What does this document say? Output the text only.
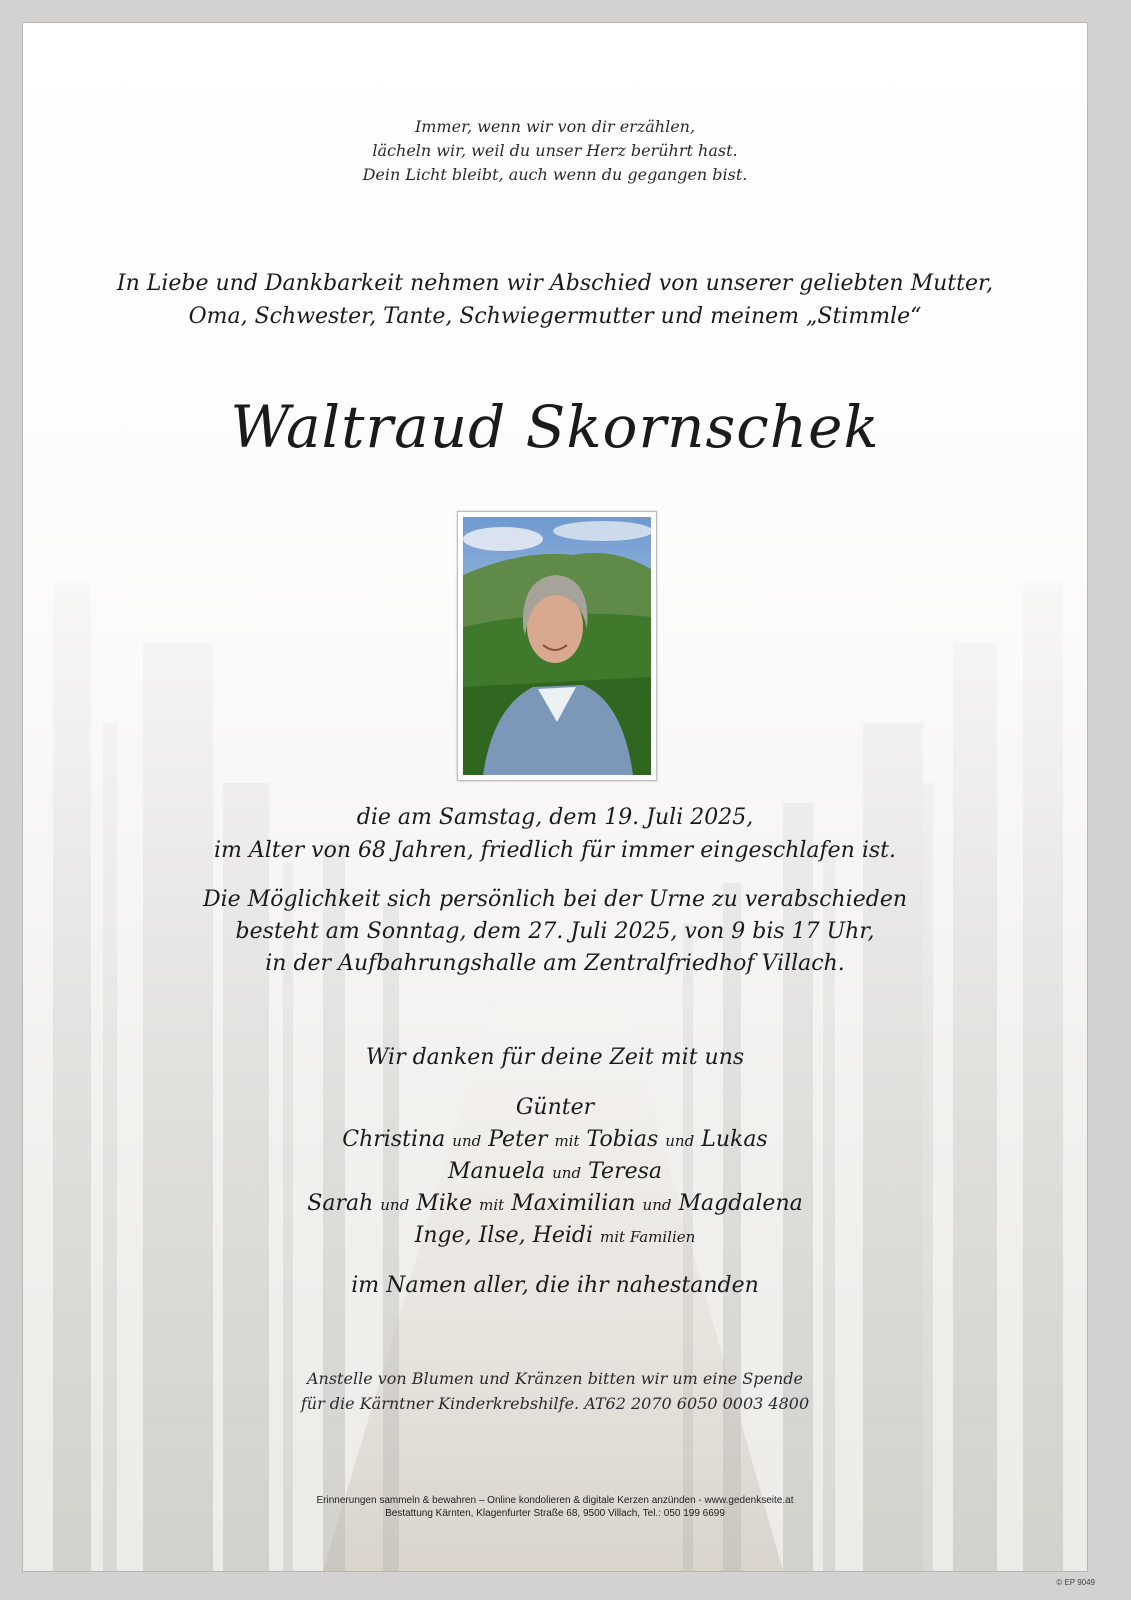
Immer, wenn wir von dir erzählen,
lächeln wir, weil du unser Herz berührt hast.
Dein Licht bleibt, auch wenn du gegangen bist.
In Liebe und Dankbarkeit nehmen wir Abschied von unserer geliebten Mutter,
Oma, Schwester, Tante, Schwiegermutter und meinem „Stimmle“
Waltraud Skornschek
die am Samstag, dem 19. Juli 2025,
im Alter von 68 Jahren, friedlich für immer eingeschlafen ist.
Die Möglichkeit sich persönlich bei der Urne zu verabschieden
besteht am Sonntag, dem 27. Juli 2025, von 9 bis 17 Uhr,
in der Aufbahrungshalle am Zentralfriedhof Villach.
Wir danken für deine Zeit mit uns
Günter
Christina und Peter mit Tobias und Lukas
Manuela und Teresa
Sarah und Mike mit Maximilian und Magdalena
Inge, Ilse, Heidi mit Familien
im Namen aller, die ihr nahestanden
Anstelle von Blumen und Kränzen bitten wir um eine Spende
für die Kärntner Kinderkrebshilfe. AT62 2070 6050 0003 4800
Erinnerungen sammeln & bewahren – Online kondolieren & digitale Kerzen anzünden - www.gedenkseite.at
Bestattung Kärnten, Klagenfurter Straße 68, 9500 Villach, Tel.: 050 199 6699
© EP 9049
